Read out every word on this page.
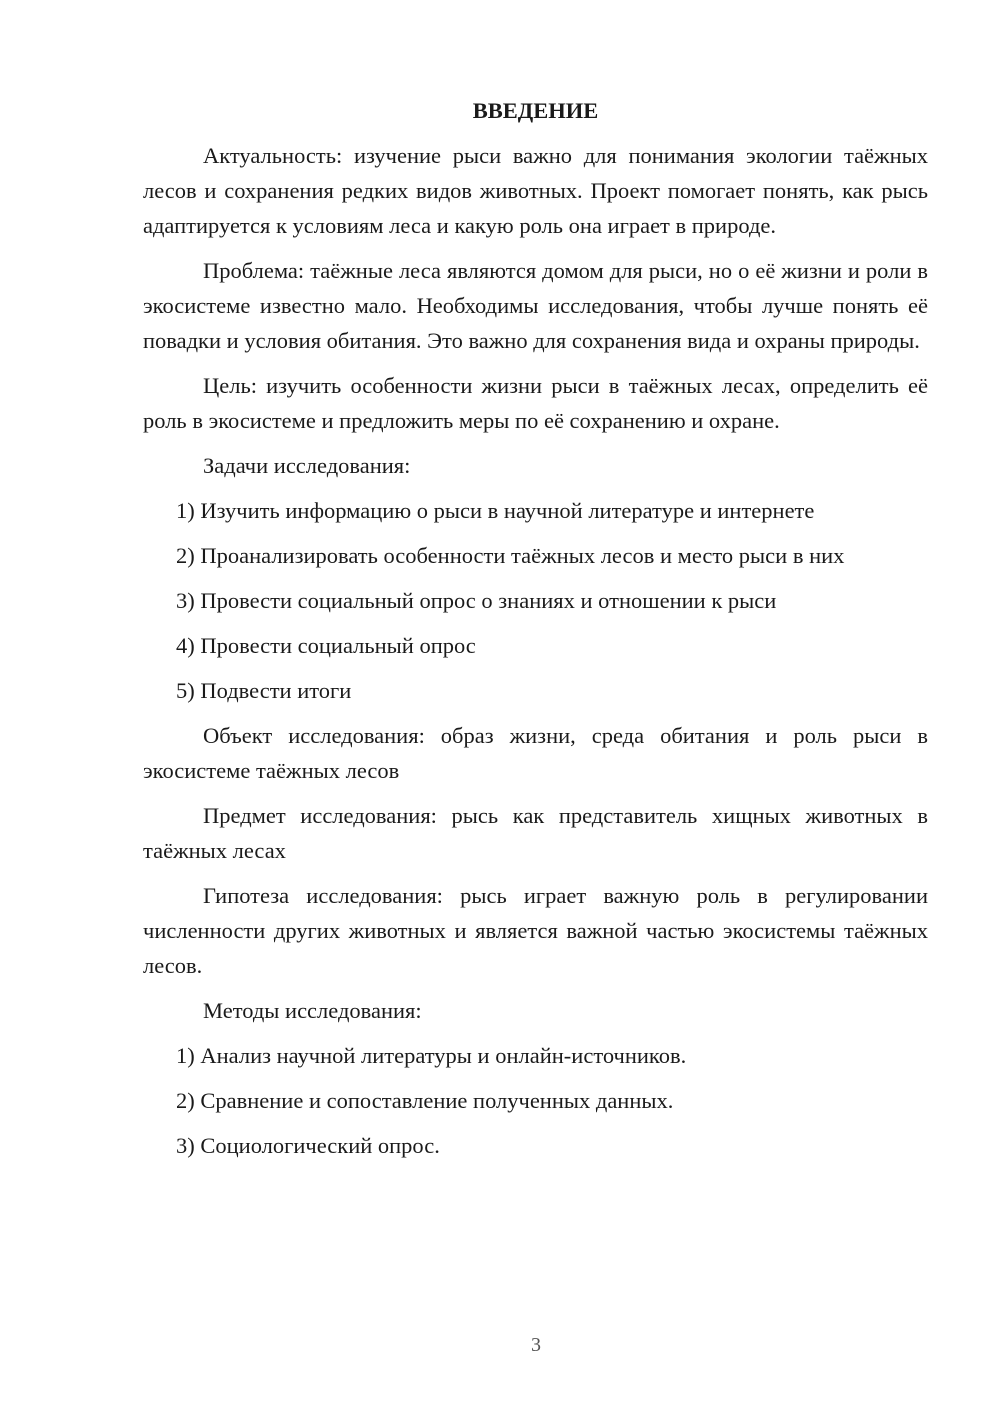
ВВЕДЕНИЕ

Актуальность: изучение рыси важно для понимания экологии таёжных лесов и сохранения редких видов животных. Проект помогает понять, как рысь адаптируется к условиям леса и какую роль она играет в природе.

Проблема: таёжные леса являются домом для рыси, но о её жизни и роли в экосистеме известно мало. Необходимы исследования, чтобы лучше понять её повадки и условия обитания. Это важно для сохранения вида и охраны природы.

Цель: изучить особенности жизни рыси в таёжных лесах, определить её роль в экосистеме и предложить меры по её сохранению и охране.

Задачи исследования:

1) Изучить информацию о рыси в научной литературе и интернете

2) Проанализировать особенности таёжных лесов и место рыси в них

3) Провести социальный опрос о знаниях и отношении к рыси

4) Провести социальный опрос

5) Подвести итоги

Объект исследования: образ жизни, среда обитания и роль рыси в экосистеме таёжных лесов

Предмет исследования: рысь как представитель хищных животных в таёжных лесах

Гипотеза исследования: рысь играет важную роль в регулировании численности других животных и является важной частью экосистемы таёжных лесов.

Методы исследования:

1) Анализ научной литературы и онлайн-источников.

2) Сравнение и сопоставление полученных данных.

3) Социологический опрос.

3
